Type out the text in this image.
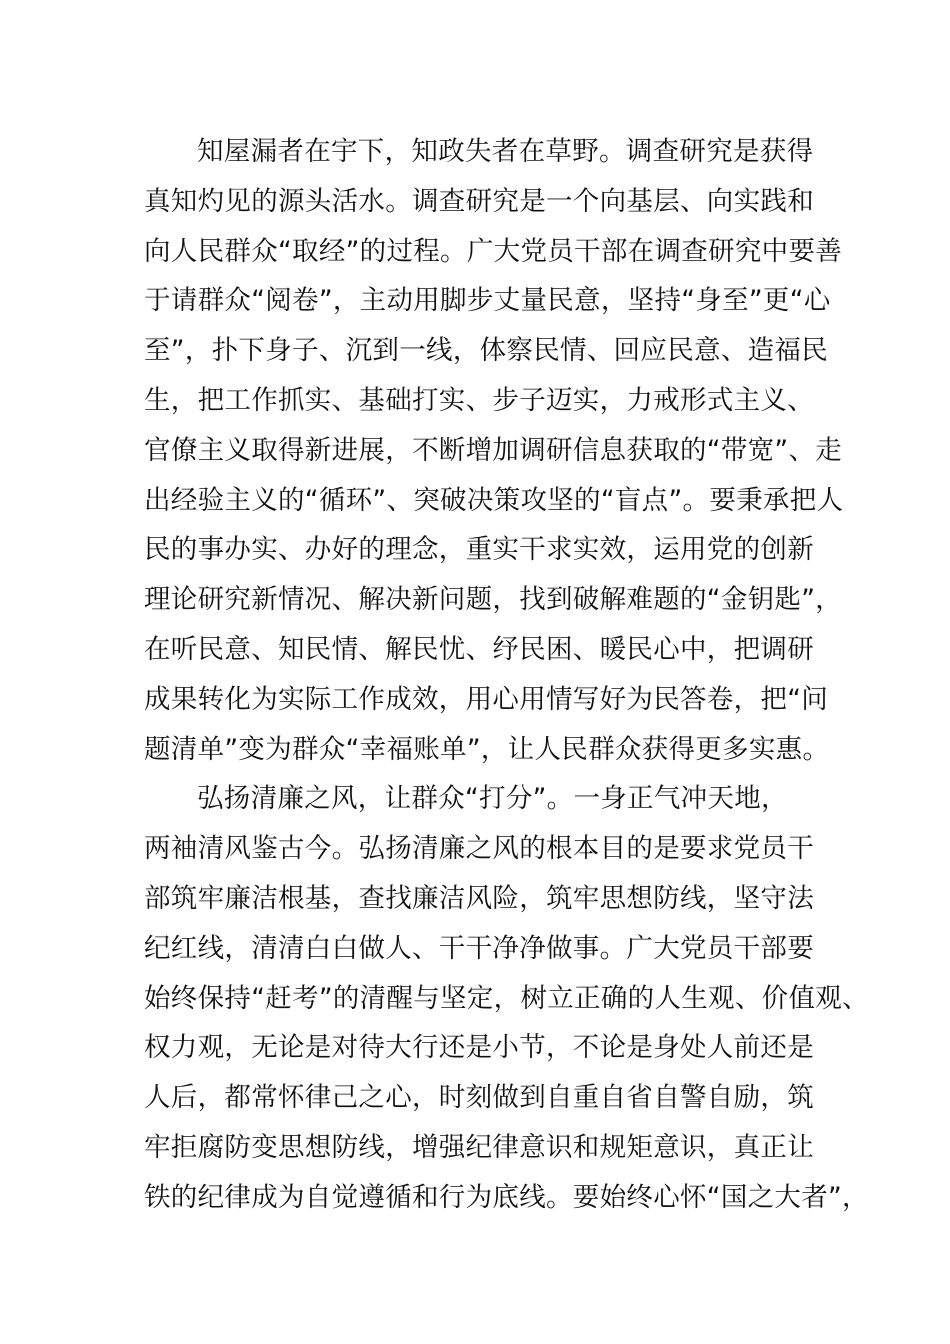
知屋漏者在宇下，知政失者在草野。调查研究是获得
真知灼见的源头活水。调查研究是一个向基层、向实践和
向人民群众“取经”的过程。广大党员干部在调查研究中要善
于请群众“阅卷”，主动用脚步丈量民意，坚持“身至”更“心
至”，扑下身子、沉到一线，体察民情、回应民意、造福民
生，把工作抓实、基础打实、步子迈实，力戒形式主义、
官僚主义取得新进展，不断增加调研信息获取的“带宽”、走
出经验主义的“循环”、突破决策攻坚的“盲点”。要秉承把人
民的事办实、办好的理念，重实干求实效，运用党的创新
理论研究新情况、解决新问题，找到破解难题的“金钥匙”，
在听民意、知民情、解民忧、纾民困、暖民心中，把调研
成果转化为实际工作成效，用心用情写好为民答卷，把“问
题清单”变为群众“幸福账单”，让人民群众获得更多实惠。
弘扬清廉之风，让群众“打分”。一身正气冲天地，
两袖清风鉴古今。弘扬清廉之风的根本目的是要求党员干
部筑牢廉洁根基，查找廉洁风险，筑牢思想防线，坚守法
纪红线，清清白白做人、干干净净做事。广大党员干部要
始终保持“赶考”的清醒与坚定，树立正确的人生观、价值观、
权力观，无论是对待大行还是小节，不论是身处人前还是
人后，都常怀律己之心，时刻做到自重自省自警自励，筑
牢拒腐防变思想防线，增强纪律意识和规矩意识，真正让
铁的纪律成为自觉遵循和行为底线。要始终心怀“国之大者”，
